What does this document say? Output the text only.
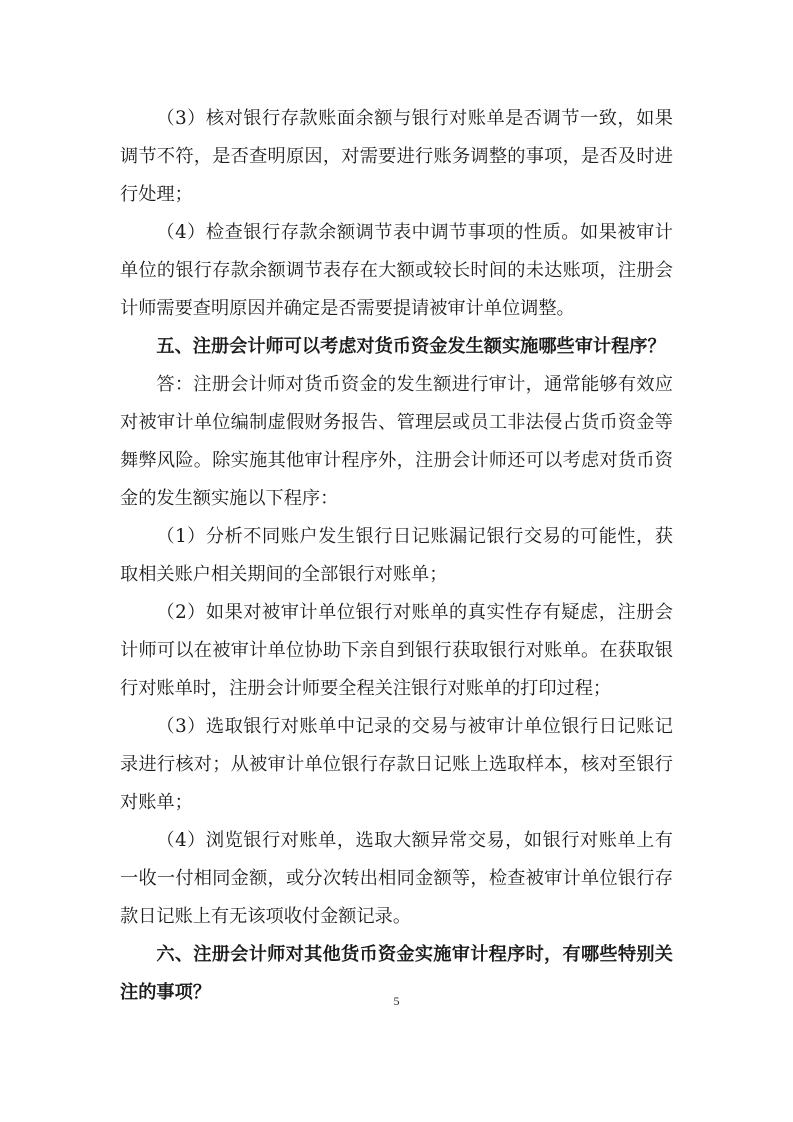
（3）核对银行存款账面余额与银行对账单是否调节一致，如果调节不符，是否查明原因，对需要进行账务调整的事项，是否及时进行处理；

（4）检查银行存款余额调节表中调节事项的性质。如果被审计单位的银行存款余额调节表存在大额或较长时间的未达账项，注册会计师需要查明原因并确定是否需要提请被审计单位调整。

五、注册会计师可以考虑对货币资金发生额实施哪些审计程序？

答：注册会计师对货币资金的发生额进行审计，通常能够有效应对被审计单位编制虚假财务报告、管理层或员工非法侵占货币资金等舞弊风险。除实施其他审计程序外，注册会计师还可以考虑对货币资金的发生额实施以下程序：

（1）分析不同账户发生银行日记账漏记银行交易的可能性，获取相关账户相关期间的全部银行对账单；

（2）如果对被审计单位银行对账单的真实性存有疑虑，注册会计师可以在被审计单位协助下亲自到银行获取银行对账单。在获取银行对账单时，注册会计师要全程关注银行对账单的打印过程；

（3）选取银行对账单中记录的交易与被审计单位银行日记账记录进行核对；从被审计单位银行存款日记账上选取样本，核对至银行对账单；

（4）浏览银行对账单，选取大额异常交易，如银行对账单上有一收一付相同金额，或分次转出相同金额等，检查被审计单位银行存款日记账上有无该项收付金额记录。

六、注册会计师对其他货币资金实施审计程序时，有哪些特别关注的事项？	5
